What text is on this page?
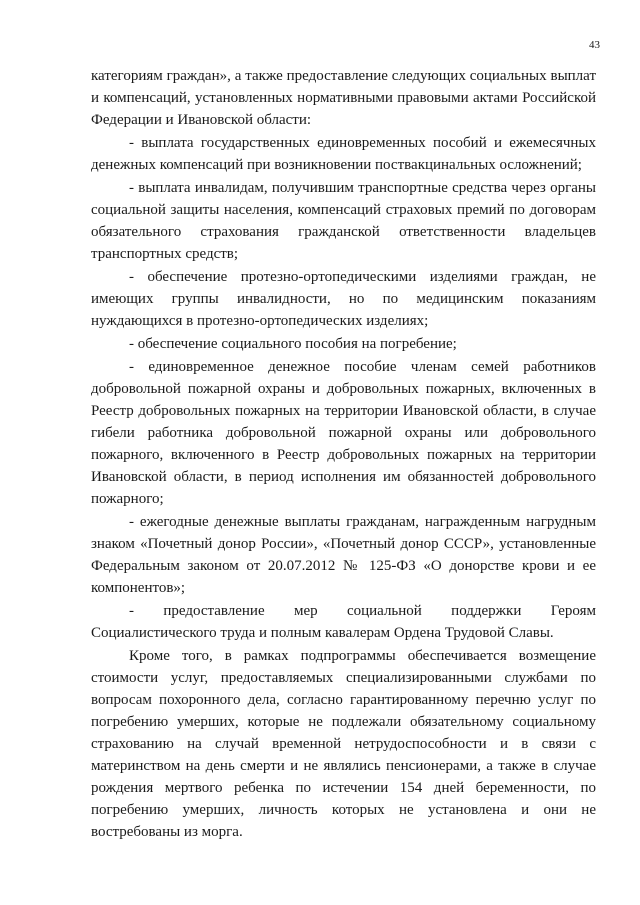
43

категориям граждан», а также предоставление следующих социальных выплат и компенсаций, установленных нормативными правовыми актами Российской Федерации и Ивановской области:

- выплата государственных единовременных пособий и ежемесячных денежных компенсаций при возникновении поствакцинальных осложнений;

- выплата инвалидам, получившим транспортные средства через органы социальной защиты населения, компенсаций страховых премий по договорам обязательного страхования гражданской ответственности владельцев транспортных средств;

- обеспечение протезно-ортопедическими изделиями граждан, не имеющих группы инвалидности, но по медицинским показаниям нуждающихся в протезно-ортопедических изделиях;

- обеспечение социального пособия на погребение;

- единовременное денежное пособие членам семей работников добровольной пожарной охраны и добровольных пожарных, включенных в Реестр добровольных пожарных на территории Ивановской области, в случае гибели работника добровольной пожарной охраны или добровольного пожарного, включенного в Реестр добровольных пожарных на территории Ивановской области, в период исполнения им обязанностей добровольного пожарного;

- ежегодные денежные выплаты гражданам, награжденным нагрудным знаком «Почетный донор России», «Почетный донор СССР», установленные Федеральным законом от 20.07.2012 № 125-ФЗ «О донорстве крови и ее компонентов»;

- предоставление мер социальной поддержки Героям Социалистического труда и полным кавалерам Ордена Трудовой Славы.

Кроме того, в рамках подпрограммы обеспечивается возмещение стоимости услуг, предоставляемых специализированными службами по вопросам похоронного дела, согласно гарантированному перечню услуг по погребению умерших, которые не подлежали обязательному социальному страхованию на случай временной нетрудоспособности и в связи с материнством на день смерти и не являлись пенсионерами, а также в случае рождения мертвого ребенка по истечении 154 дней беременности, по погребению умерших, личность которых не установлена и они не востребованы из морга.
